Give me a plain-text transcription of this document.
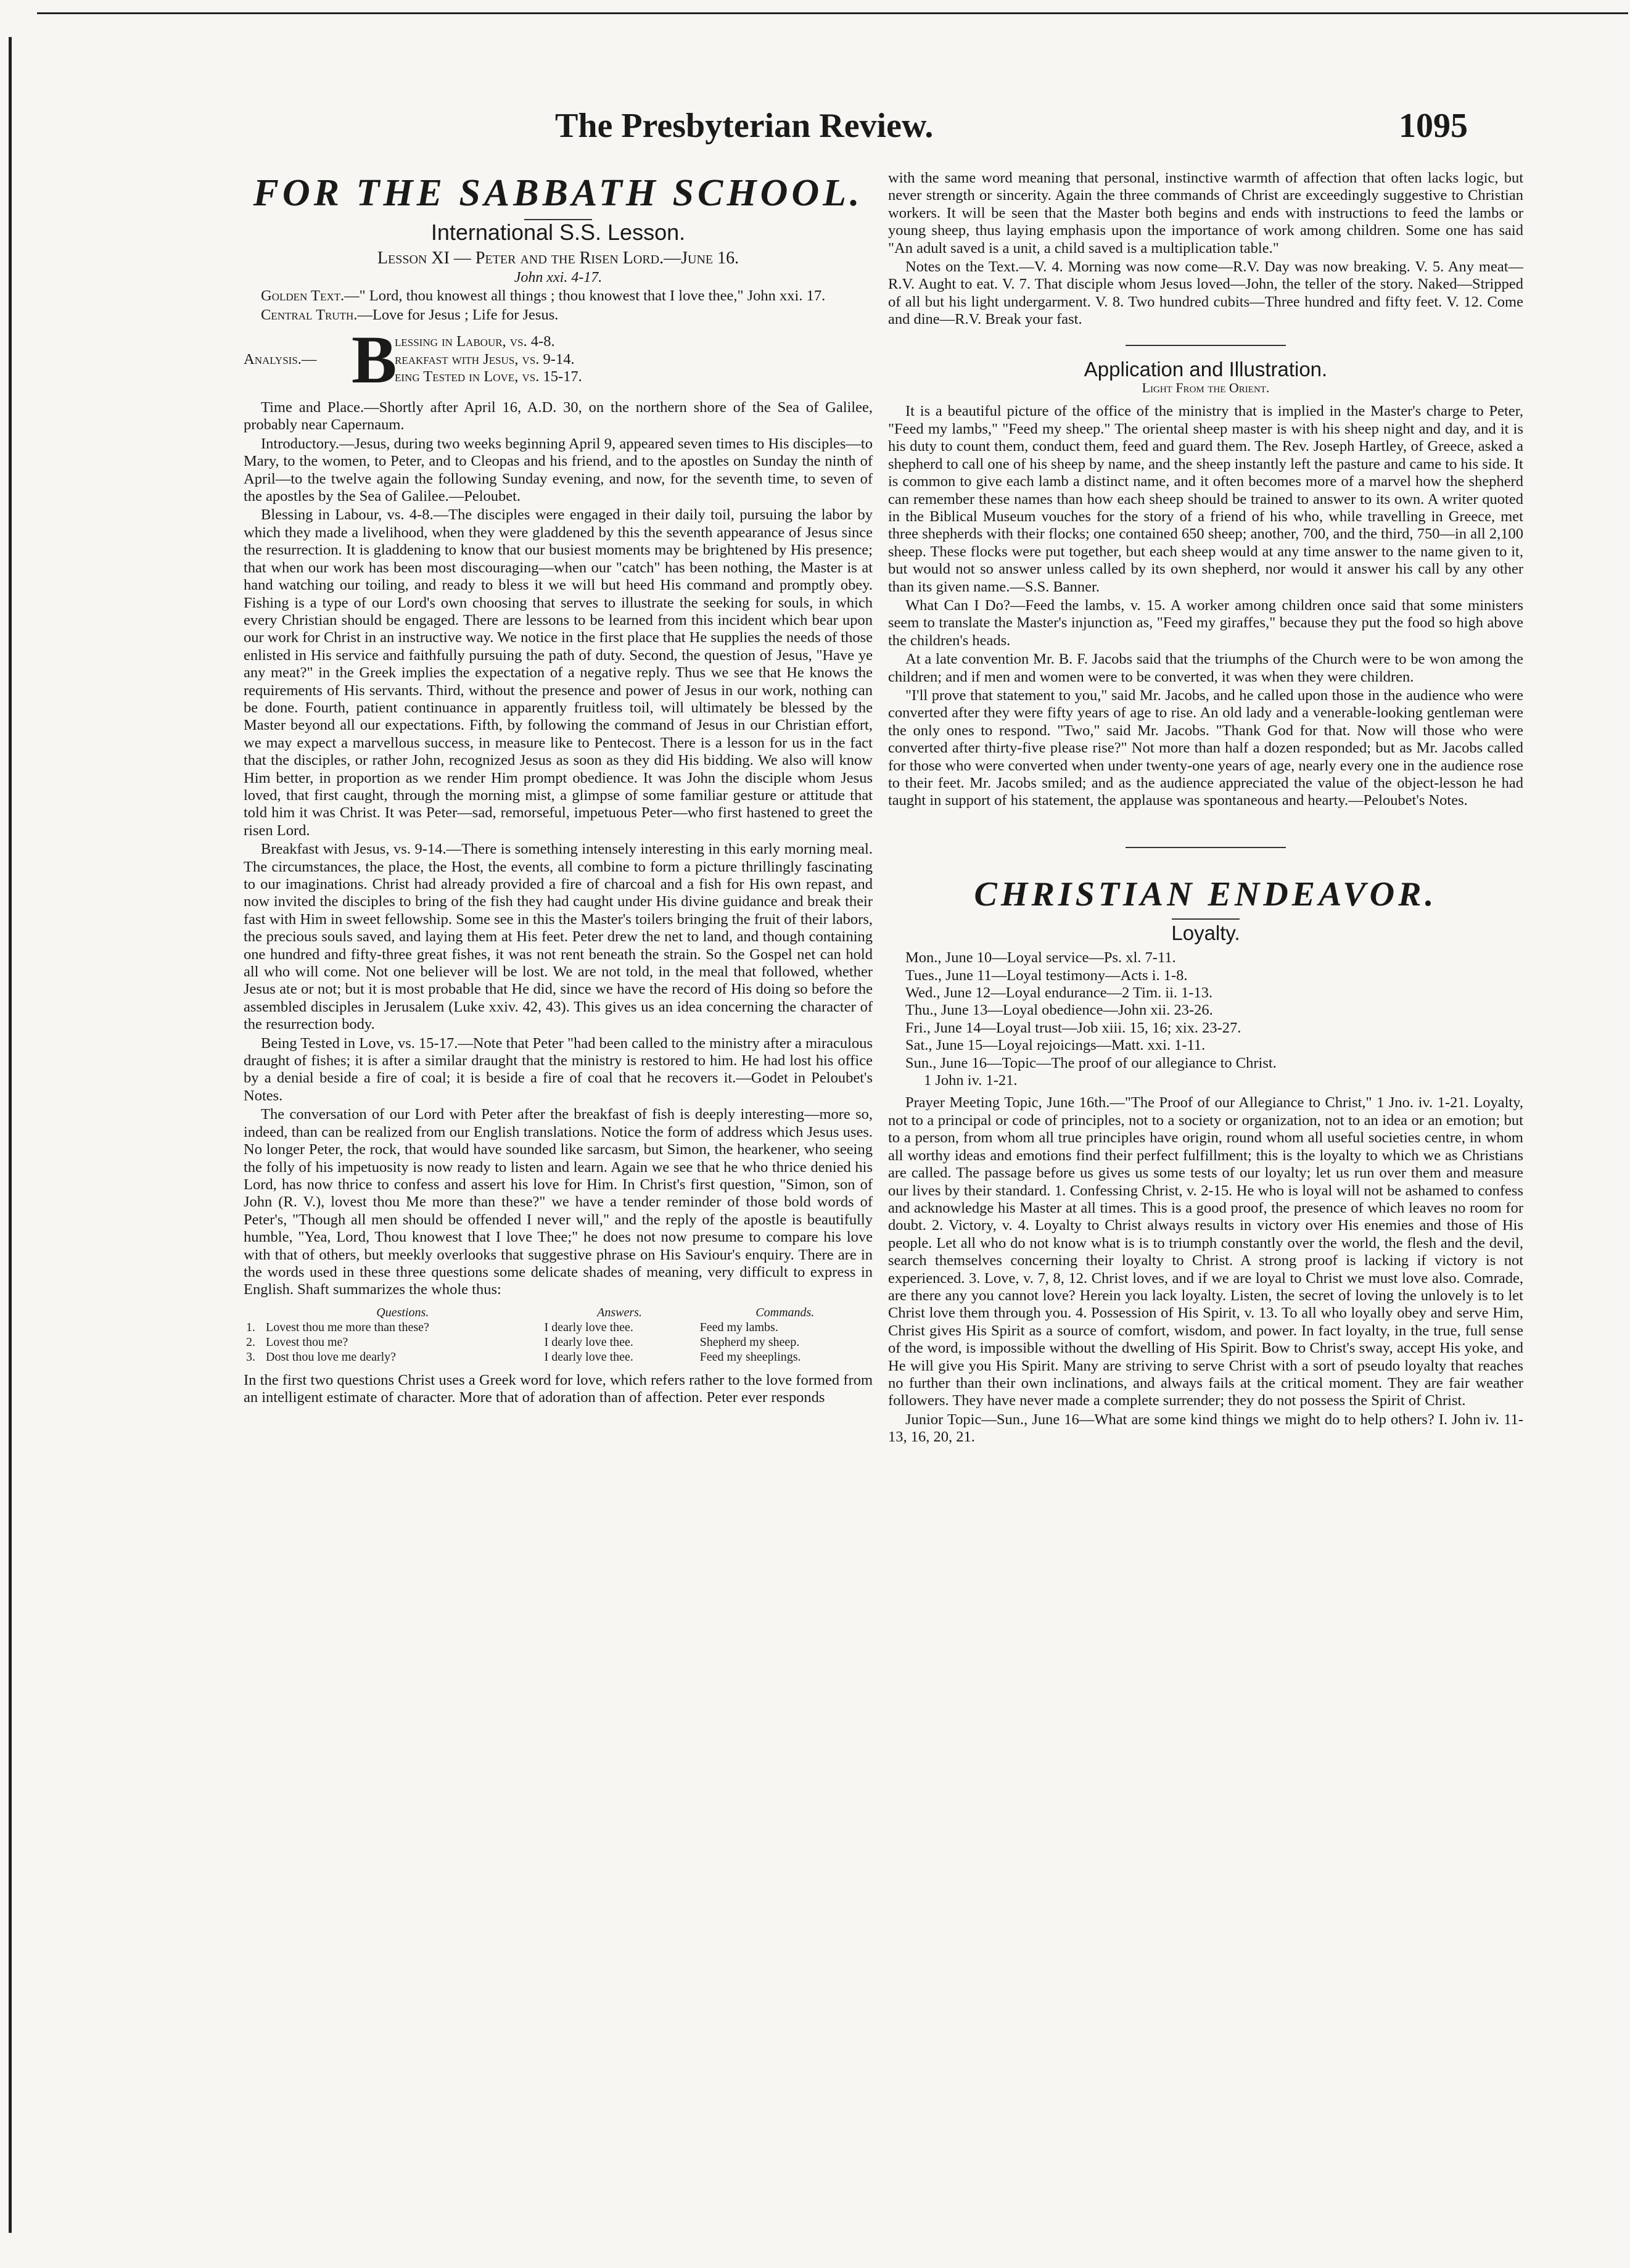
The Presbyterian Review.	1095
FOR THE SABBATH SCHOOL.
International S.S. Lesson.

Lesson XI — Peter and the Risen Lord.—June 16.

John xxi. 4-17.

Golden Text.—" Lord, thou knowest all things ; thou knowest that I love thee," John xxi. 17.

Central Truth.—Love for Jesus ; Life for Jesus.

Analysis.— B
lessing in Labour, vs. 4-8.
reakfast with Jesus, vs. 9-14.
eing Tested in Love, vs. 15-17.

Time and Place.—Shortly after April 16, A.D. 30, on the northern shore of the Sea of Galilee, probably near Capernaum.

Introductory.—Jesus, during two weeks beginning April 9, appeared seven times to His disciples—to Mary, to the women, to Peter, and to Cleopas and his friend, and to the apostles on Sunday the ninth of April—to the twelve again the following Sunday evening, and now, for the seventh time, to seven of the apostles by the Sea of Galilee.—Peloubet.

Blessing in Labour, vs. 4-8.—The disciples were engaged in their daily toil, pursuing the labor by which they made a livelihood, when they were gladdened by this the seventh appearance of Jesus since the resurrection. It is gladdening to know that our busiest moments may be brightened by His presence; that when our work has been most discouraging—when our "catch" has been nothing, the Master is at hand watching our toiling, and ready to bless it we will but heed His command and promptly obey. Fishing is a type of our Lord's own choosing that serves to illustrate the seeking for souls, in which every Christian should be engaged. There are lessons to be learned from this incident which bear upon our work for Christ in an instructive way. We notice in the first place that He supplies the needs of those enlisted in His service and faithfully pursuing the path of duty. Second, the question of Jesus, "Have ye any meat?" in the Greek implies the expectation of a negative reply. Thus we see that He knows the requirements of His servants. Third, without the presence and power of Jesus in our work, nothing can be done. Fourth, patient continuance in apparently fruitless toil, will ultimately be blessed by the Master beyond all our expectations. Fifth, by following the command of Jesus in our Christian effort, we may expect a marvellous success, in measure like to Pentecost. There is a lesson for us in the fact that the disciples, or rather John, recognized Jesus as soon as they did His bidding. We also will know Him better, in proportion as we render Him prompt obedience. It was John the disciple whom Jesus loved, that first caught, through the morning mist, a glimpse of some familiar gesture or attitude that told him it was Christ. It was Peter—sad, remorseful, impetuous Peter—who first hastened to greet the risen Lord.

Breakfast with Jesus, vs. 9-14.—There is something intensely interesting in this early morning meal. The circumstances, the place, the Host, the events, all combine to form a picture thrillingly fascinating to our imaginations. Christ had already provided a fire of charcoal and a fish for His own repast, and now invited the disciples to bring of the fish they had caught under His divine guidance and break their fast with Him in sweet fellowship. Some see in this the Master's toilers bringing the fruit of their labors, the precious souls saved, and laying them at His feet. Peter drew the net to land, and though containing one hundred and fifty-three great fishes, it was not rent beneath the strain. So the Gospel net can hold all who will come. Not one believer will be lost. We are not told, in the meal that followed, whether Jesus ate or not; but it is most probable that He did, since we have the record of His doing so before the assembled disciples in Jerusalem (Luke xxiv. 42, 43). This gives us an idea concerning the character of the resurrection body.

Being Tested in Love, vs. 15-17.—Note that Peter "had been called to the ministry after a miraculous draught of fishes; it is after a similar draught that the ministry is restored to him. He had lost his office by a denial beside a fire of coal; it is beside a fire of coal that he recovers it.—Godet in Peloubet's Notes.

The conversation of our Lord with Peter after the breakfast of fish is deeply interesting—more so, indeed, than can be realized from our English translations. Notice the form of address which Jesus uses. No longer Peter, the rock, that would have sounded like sarcasm, but Simon, the hearkener, who seeing the folly of his impetuosity is now ready to listen and learn. Again we see that he who thrice denied his Lord, has now thrice to confess and assert his love for Him. In Christ's first question, "Simon, son of John (R. V.), lovest thou Me more than these?" we have a tender reminder of those bold words of Peter's, "Though all men should be offended I never will," and the reply of the apostle is beautifully humble, "Yea, Lord, Thou knowest that I love Thee;" he does not now presume to compare his love with that of others, but meekly overlooks that suggestive phrase on His Saviour's enquiry. There are in the words used in these three questions some delicate shades of meaning, very difficult to express in English. Shaft summarizes the whole thus:

	Questions.	Answers.	Commands.
1.	Lovest thou me more than these?	I dearly love thee.	Feed my lambs.
2.	Lovest thou me?	I dearly love thee.	Shepherd my sheep.
3.	Dost thou love me dearly?	I dearly love thee.	Feed my sheeplings.

In the first two questions Christ uses a Greek word for love, which refers rather to the love formed from an intelligent estimate of character. More that of adoration than of affection. Peter ever responds

with the same word meaning that personal, instinctive warmth of affection that often lacks logic, but never strength or sincerity. Again the three commands of Christ are exceedingly suggestive to Christian workers. It will be seen that the Master both begins and ends with instructions to feed the lambs or young sheep, thus laying emphasis upon the importance of work among children. Some one has said "An adult saved is a unit, a child saved is a multiplication table."

Notes on the Text.—V. 4. Morning was now come—R.V. Day was now breaking. V. 5. Any meat—R.V. Aught to eat. V. 7. That disciple whom Jesus loved—John, the teller of the story. Naked—Stripped of all but his light undergarment. V. 8. Two hundred cubits—Three hundred and fifty feet. V. 12. Come and dine—R.V. Break your fast.

Application and Illustration.
Light From the Orient.

It is a beautiful picture of the office of the ministry that is implied in the Master's charge to Peter, "Feed my lambs," "Feed my sheep." The oriental sheep master is with his sheep night and day, and it is his duty to count them, conduct them, feed and guard them. The Rev. Joseph Hartley, of Greece, asked a shepherd to call one of his sheep by name, and the sheep instantly left the pasture and came to his side. It is common to give each lamb a distinct name, and it often becomes more of a marvel how the shepherd can remember these names than how each sheep should be trained to answer to its own. A writer quoted in the Biblical Museum vouches for the story of a friend of his who, while travelling in Greece, met three shepherds with their flocks; one contained 650 sheep; another, 700, and the third, 750—in all 2,100 sheep. These flocks were put together, but each sheep would at any time answer to the name given to it, but would not so answer unless called by its own shepherd, nor would it answer his call by any other than its given name.—S.S. Banner.

What Can I Do?—Feed the lambs, v. 15. A worker among children once said that some ministers seem to translate the Master's injunction as, "Feed my giraffes," because they put the food so high above the children's heads.

At a late convention Mr. B. F. Jacobs said that the triumphs of the Church were to be won among the children; and if men and women were to be converted, it was when they were children.

"I'll prove that statement to you," said Mr. Jacobs, and he called upon those in the audience who were converted after they were fifty years of age to rise. An old lady and a venerable-looking gentleman were the only ones to respond. "Two," said Mr. Jacobs. "Thank God for that. Now will those who were converted after thirty-five please rise?" Not more than half a dozen responded; but as Mr. Jacobs called for those who were converted when under twenty-one years of age, nearly every one in the audience rose to their feet. Mr. Jacobs smiled; and as the audience appreciated the value of the object-lesson he had taught in support of his statement, the applause was spontaneous and hearty.—Peloubet's Notes.

CHRISTIAN ENDEAVOR.
Loyalty.
Mon., June 10—Loyal service—Ps. xl. 7-11.
Tues., June 11—Loyal testimony—Acts i. 1-8.
Wed., June 12—Loyal endurance—2 Tim. ii. 1-13.
Thu., June 13—Loyal obedience—John xii. 23-26.
Fri., June 14—Loyal trust—Job xiii. 15, 16; xix. 23-27.
Sat., June 15—Loyal rejoicings—Matt. xxi. 1-11.
Sun., June 16—Topic—The proof of our allegiance to Christ.
1 John iv. 1-21.

Prayer Meeting Topic, June 16th.—"The Proof of our Allegiance to Christ," 1 Jno. iv. 1-21. Loyalty, not to a principal or code of principles, not to a society or organization, not to an idea or an emotion; but to a person, from whom all true principles have origin, round whom all useful societies centre, in whom all worthy ideas and emotions find their perfect fulfillment; this is the loyalty to which we as Christians are called. The passage before us gives us some tests of our loyalty; let us run over them and measure our lives by their standard. 1. Confessing Christ, v. 2-15. He who is loyal will not be ashamed to confess and acknowledge his Master at all times. This is a good proof, the presence of which leaves no room for doubt. 2. Victory, v. 4. Loyalty to Christ always results in victory over His enemies and those of His people. Let all who do not know what is is to triumph constantly over the world, the flesh and the devil, search themselves concerning their loyalty to Christ. A strong proof is lacking if victory is not experienced. 3. Love, v. 7, 8, 12. Christ loves, and if we are loyal to Christ we must love also. Comrade, are there any you cannot love? Herein you lack loyalty. Listen, the secret of loving the unlovely is to let Christ love them through you. 4. Possession of His Spirit, v. 13. To all who loyally obey and serve Him, Christ gives His Spirit as a source of comfort, wisdom, and power. In fact loyalty, in the true, full sense of the word, is impossible without the dwelling of His Spirit. Bow to Christ's sway, accept His yoke, and He will give you His Spirit. Many are striving to serve Christ with a sort of pseudo loyalty that reaches no further than their own inclinations, and always fails at the critical moment. They are fair weather followers. They have never made a complete surrender; they do not possess the Spirit of Christ.

Junior Topic—Sun., June 16—What are some kind things we might do to help others? I. John iv. 11-13, 16, 20, 21.
